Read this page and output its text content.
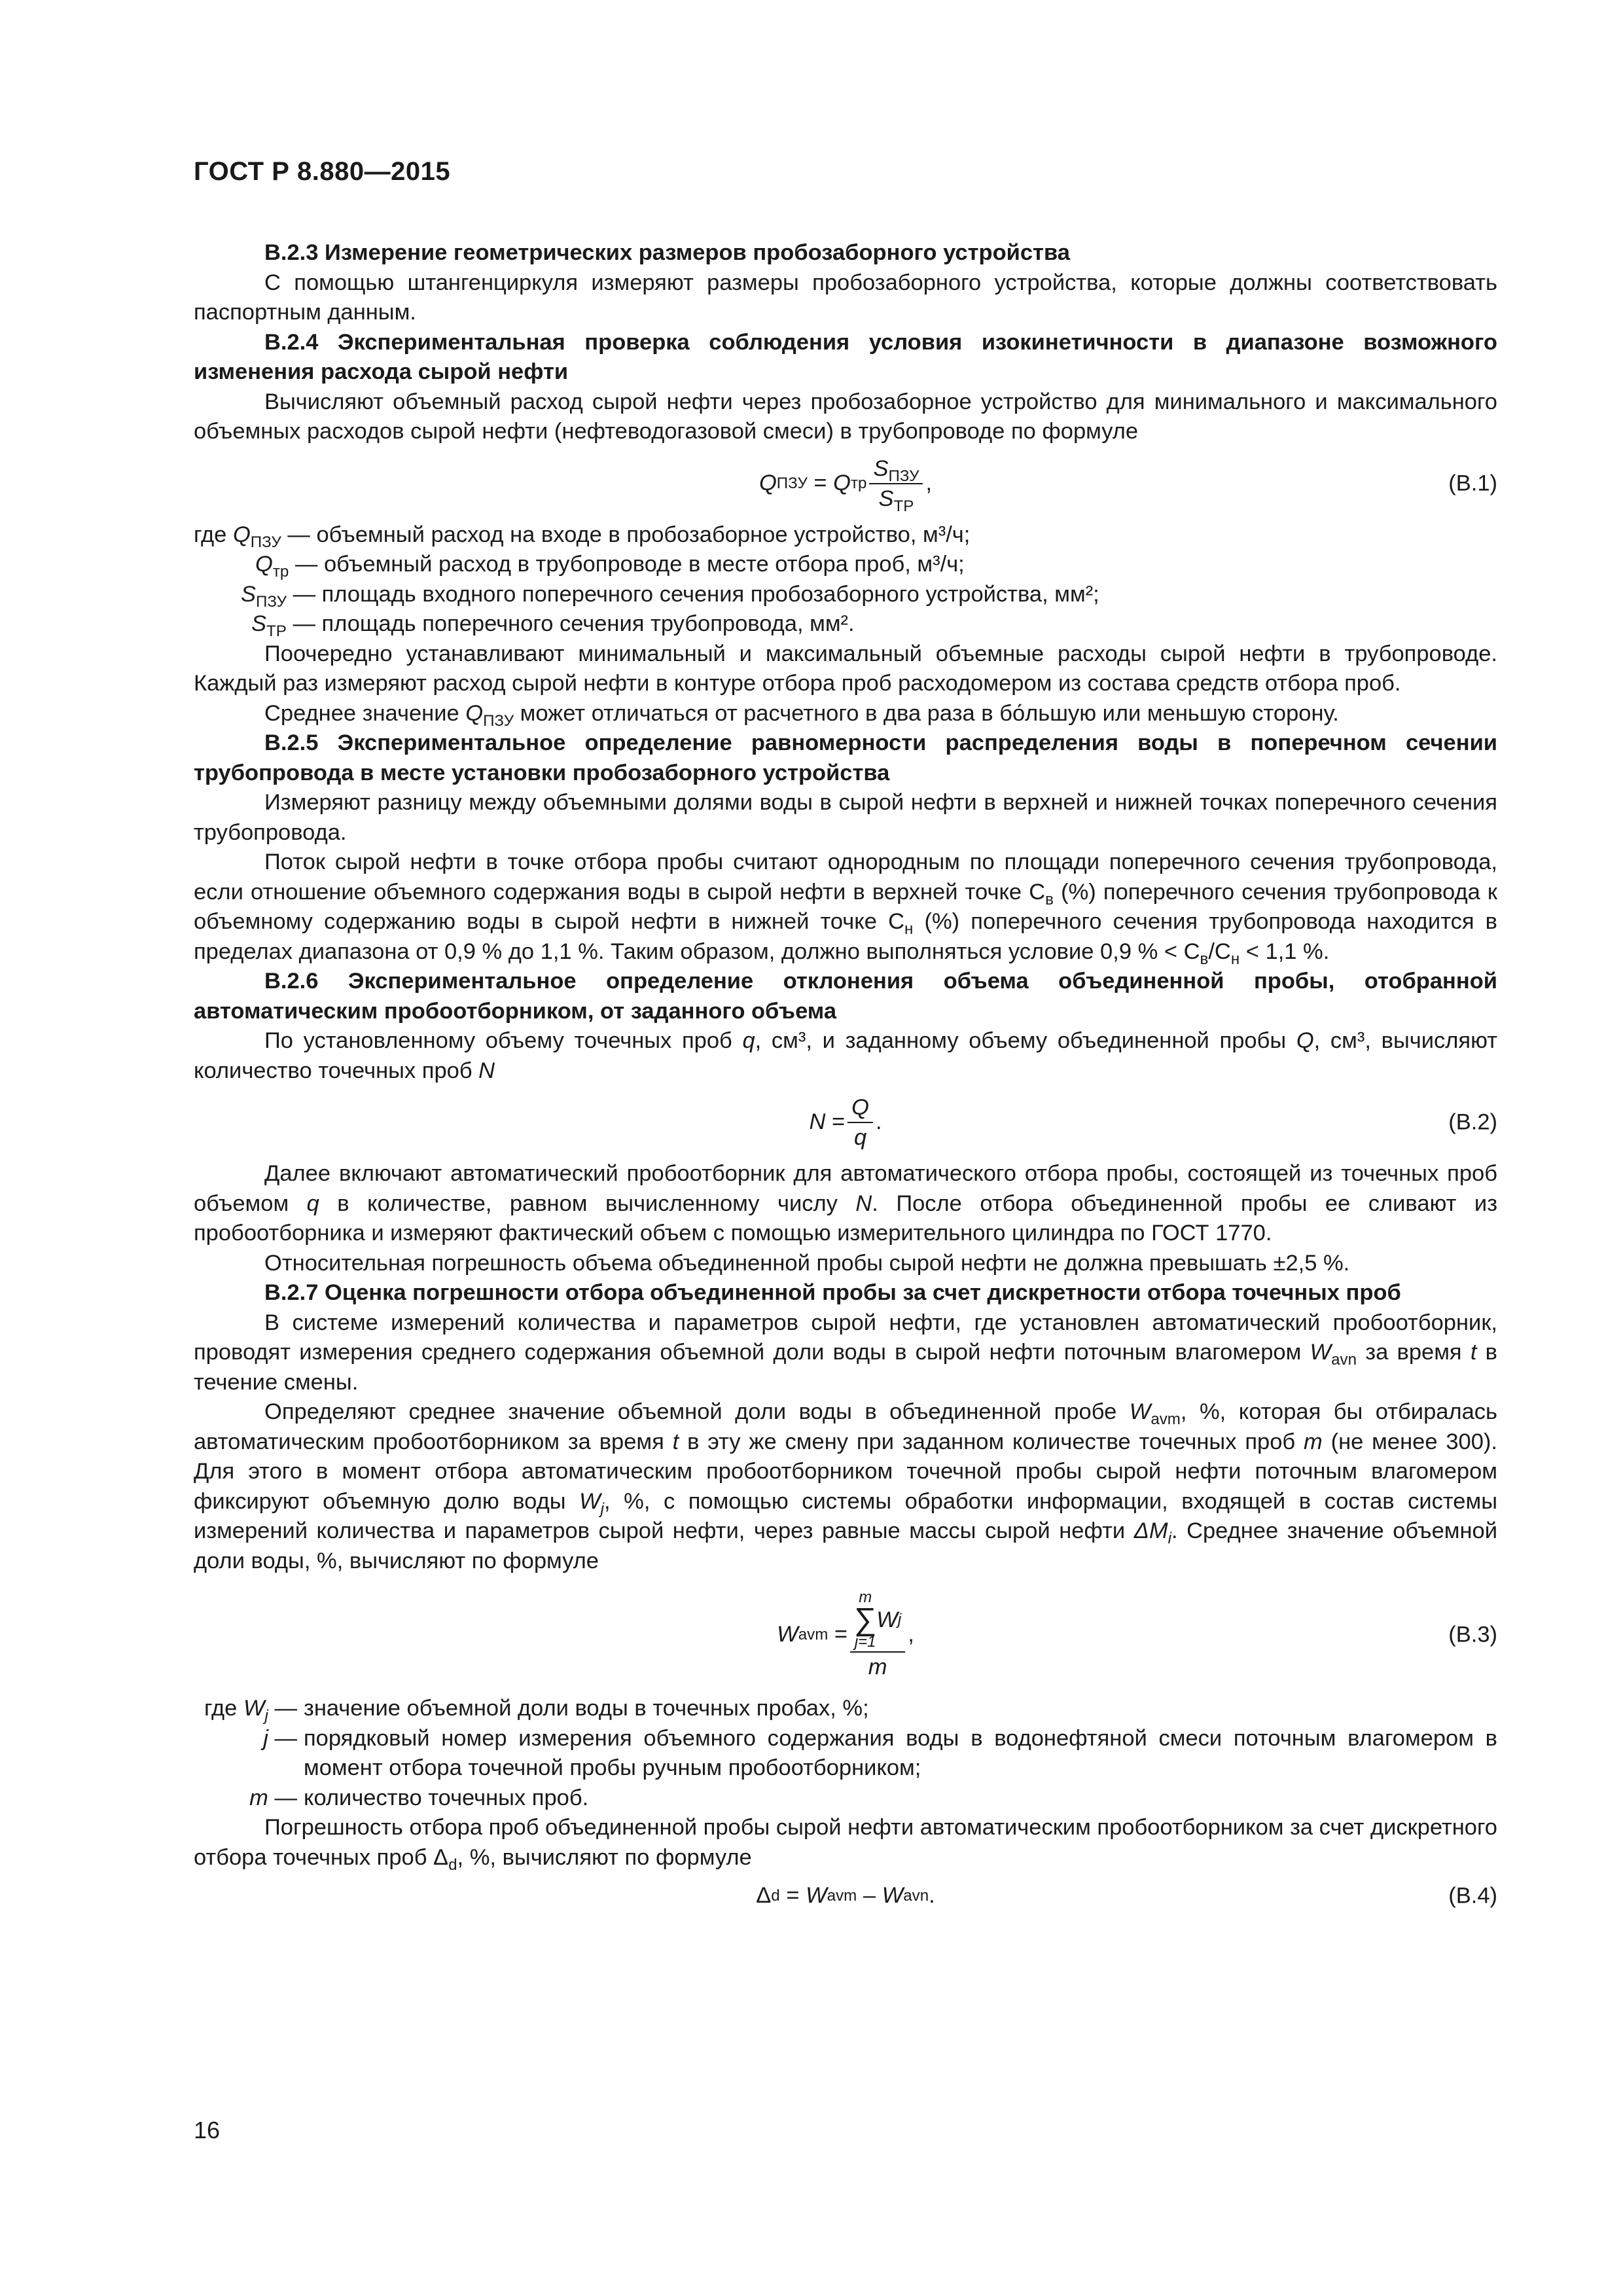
ГОСТ Р 8.880—2015

В.2.3 Измерение геометрических размеров пробозаборного устройства

С помощью штангенциркуля измеряют размеры пробозаборного устройства, которые должны соответствовать паспортным данным.

В.2.4 Экспериментальная проверка соблюдения условия изокинетичности в диапазоне возможного изменения расхода сырой нефти

Вычисляют объемный расход сырой нефти через пробозаборное устройство для минимального и максимального объемных расходов сырой нефти (нефтеводогазовой смеси) в трубопроводе по формуле

Q ПЗУ
=
Q тр $\frac{S_{ПЗУ}}{S_{ТР}}$ ,	(В.1)
где $Q_{ПЗУ}$ — объемный расход на входе в пробозаборное устройство, м³/ч;
$Q_{тр}$ — объемный расход в трубопроводе в месте отбора проб, м³/ч;
$S_{ПЗУ}$ — площадь входного поперечного сечения пробозаборного устройства, мм²;
$S_{ТР}$ — площадь поперечного сечения трубопровода, мм².

Поочередно устанавливают минимальный и максимальный объемные расходы сырой нефти в трубопроводе. Каждый раз измеряют расход сырой нефти в контуре отбора проб расходомером из состава средств отбора проб.

Среднее значение $Q_{ПЗУ}$ может отличаться от расчетного в два раза в бо́льшую или меньшую сторону.

В.2.5 Экспериментальное определение равномерности распределения воды в поперечном сечении трубопровода в месте установки пробозаборного устройства

Измеряют разницу между объемными долями воды в сырой нефти в верхней и нижней точках поперечного сечения трубопровода.

Поток сырой нефти в точке отбора пробы считают однородным по площади поперечного сечения трубопровода, если отношение объемного содержания воды в сырой нефти в верхней точке $С_в$ (%) поперечного сечения трубопровода к объемному содержанию воды в сырой нефти в нижней точке $С_н$ (%) поперечного сечения трубопровода находится в пределах диапазона от 0,9 % до 1,1 %. Таким образом, должно выполняться условие 0,9 % < $С_в/С_н < 1,1$ %.

В.2.6 Экспериментальное определение отклонения объема объединенной пробы, отобранной автоматическим пробоотборником, от заданного объема

По установленному объему точечных проб q, см³, и заданному объему объединенной пробы Q, см³, вычисляют количество точечных проб N

N
= $\frac{Q}{q}$ .	(В.2)

Далее включают автоматический пробоотборник для автоматического отбора пробы, состоящей из точечных проб объемом q в количестве, равном вычисленному числу N. После отбора объединенной пробы ее сливают из пробоотборника и измеряют фактический объем с помощью измерительного цилиндра по ГОСТ 1770.

Относительная погрешность объема объединенной пробы сырой нефти не должна превышать ±2,5 %.

В.2.7 Оценка погрешности отбора объединенной пробы за счет дискретности отбора точечных проб

В системе измерений количества и параметров сырой нефти, где установлен автоматический пробоотборник, проводят измерения среднего содержания объемной доли воды в сырой нефти поточным влагомером $W_{avn}$ за время t в течение смены.

Определяют среднее значение объемной доли воды в объединенной пробе $W_{avm}$, %, которая бы отбиралась автоматическим пробоотборником за время t в эту же смену при заданном количестве точечных проб m (не менее 300). Для этого в момент отбора автоматическим пробоотборником точечной пробы сырой нефти поточным влагомером фиксируют объемную долю воды $W_j$, %, с помощью системы обработки информации, входящей в состав системы измерений количества и параметров сырой нефти, через равные массы сырой нефти $\Delta M_i$. Среднее значение объемной доли воды, %, вычисляют по формуле

W avm
= m
∑
j=1
W j
m ,	(В.3)
где $W_j$ — значение объемной доли воды в точечных пробах, %;
j — порядковый номер измерения объемного содержания воды в водонефтяной смеси поточным влагомером в момент отбора точечной пробы ручным пробоотборником;
m — количество точечных проб.

Погрешность отбора проб объединенной пробы сырой нефти автоматическим пробоотборником за счет дискретного отбора точечных проб $\Delta_d$, %, вычисляют по формуле

Δ d
=
W avm
–
W avn .	(В.4)
16
